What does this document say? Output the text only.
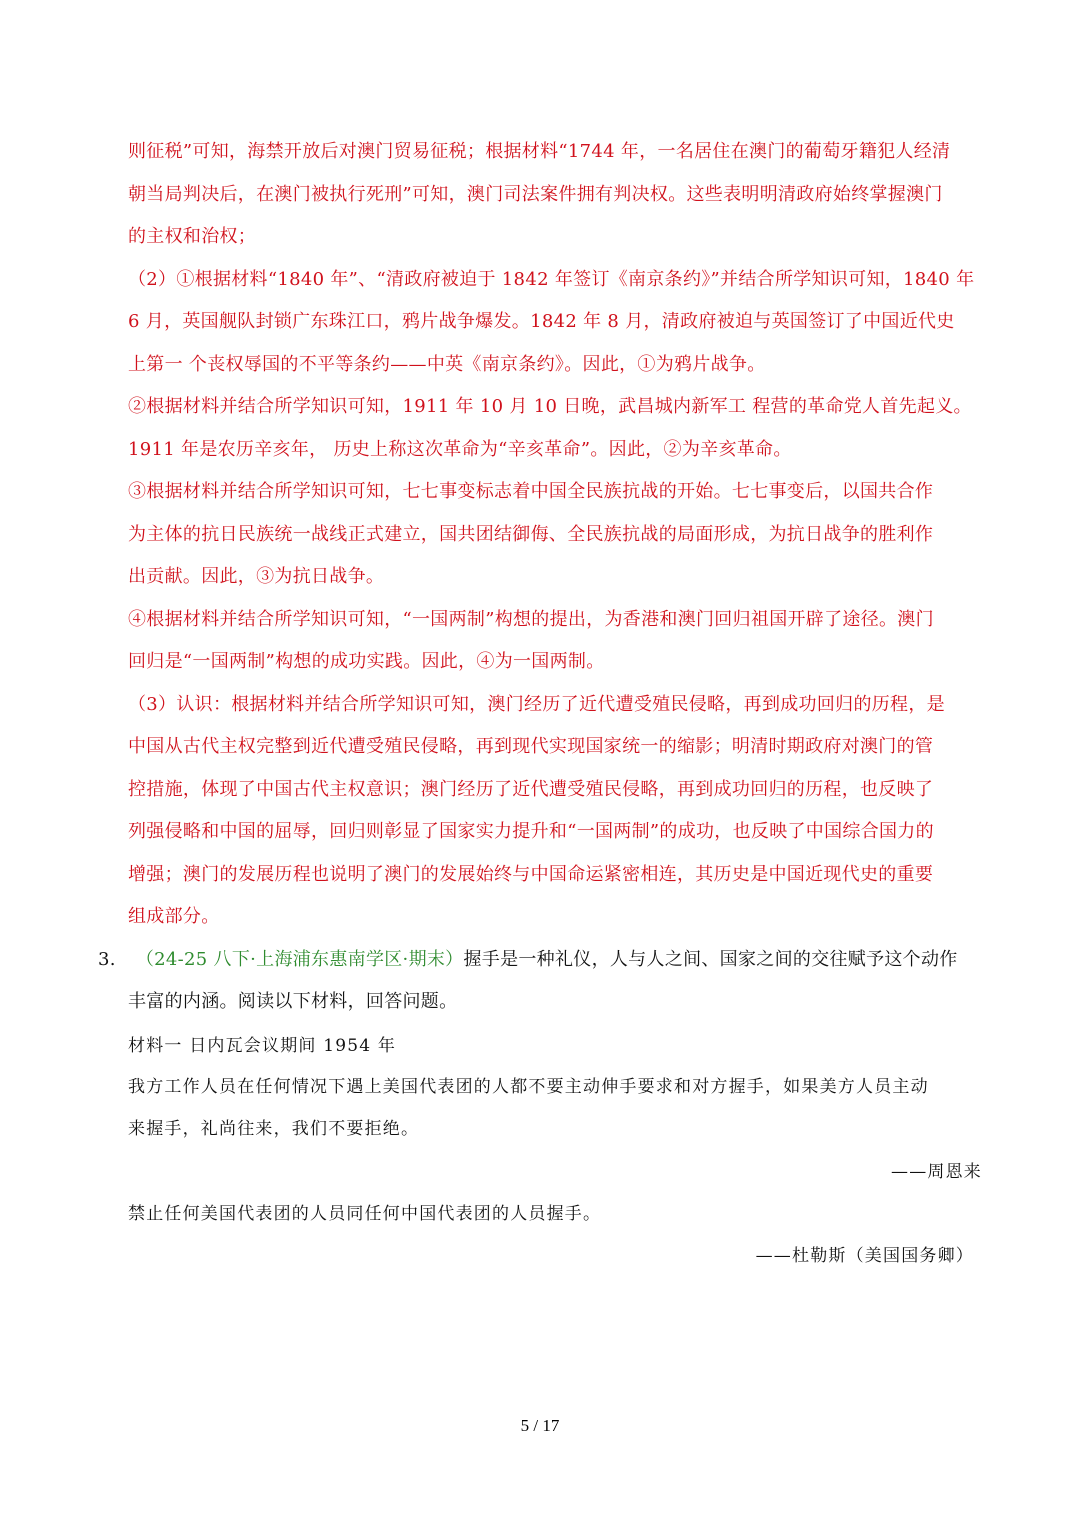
则征税”可知，海禁开放后对澳门贸易征税；根据材料“1744 年，一名居住在澳门的葡萄牙籍犯人经清
朝当局判决后，在澳门被执行死刑”可知，澳门司法案件拥有判决权。这些表明明清政府始终掌握澳门
的主权和治权；
（2）①根据材料“1840 年”、“清政府被迫于 1842 年签订《南京条约》”并结合所学知识可知，1840 年
6 月，英国舰队封锁广东珠江口，鸦片战争爆发。1842 年 8 月，清政府被迫与英国签订了中国近代史
上第一 个丧权辱国的不平等条约——中英《南京条约》。因此，①为鸦片战争。
②根据材料并结合所学知识可知，1911 年 10 月 10 日晚，武昌城内新军工 程营的革命党人首先起义。
1911 年是农历辛亥年， 历史上称这次革命为“辛亥革命”。因此，②为辛亥革命。
③根据材料并结合所学知识可知，七七事变标志着中国全民族抗战的开始。七七事变后，以国共合作
为主体的抗日民族统一战线正式建立，国共团结御侮、全民族抗战的局面形成，为抗日战争的胜利作
出贡献。因此，③为抗日战争。
④根据材料并结合所学知识可知，“一国两制”构想的提出，为香港和澳门回归祖国开辟了途径。澳门
回归是“一国两制”构想的成功实践。因此，④为一国两制。
（3）认识：根据材料并结合所学知识可知，澳门经历了近代遭受殖民侵略，再到成功回归的历程，是
中国从古代主权完整到近代遭受殖民侵略，再到现代实现国家统一的缩影；明清时期政府对澳门的管
控措施，体现了中国古代主权意识；澳门经历了近代遭受殖民侵略，再到成功回归的历程，也反映了
列强侵略和中国的屈辱，回归则彰显了国家实力提升和“一国两制”的成功，也反映了中国综合国力的
增强；澳门的发展历程也说明了澳门的发展始终与中国命运紧密相连，其历史是中国近现代史的重要
组成部分。
3. （24-25 八下·上海浦东惠南学区·期末）握手是一种礼仪，人与人之间、国家之间的交往赋予这个动作
丰富的内涵。阅读以下材料，回答问题。
材料一 日内瓦会议期间 1954 年
我方工作人员在任何情况下遇上美国代表团的人都不要主动伸手要求和对方握手，如果美方人员主动
来握手，礼尚往来，我们不要拒绝。
——周恩来
禁止任何美国代表团的人员同任何中国代表团的人员握手。
——杜勒斯（美国国务卿）
5 / 17
